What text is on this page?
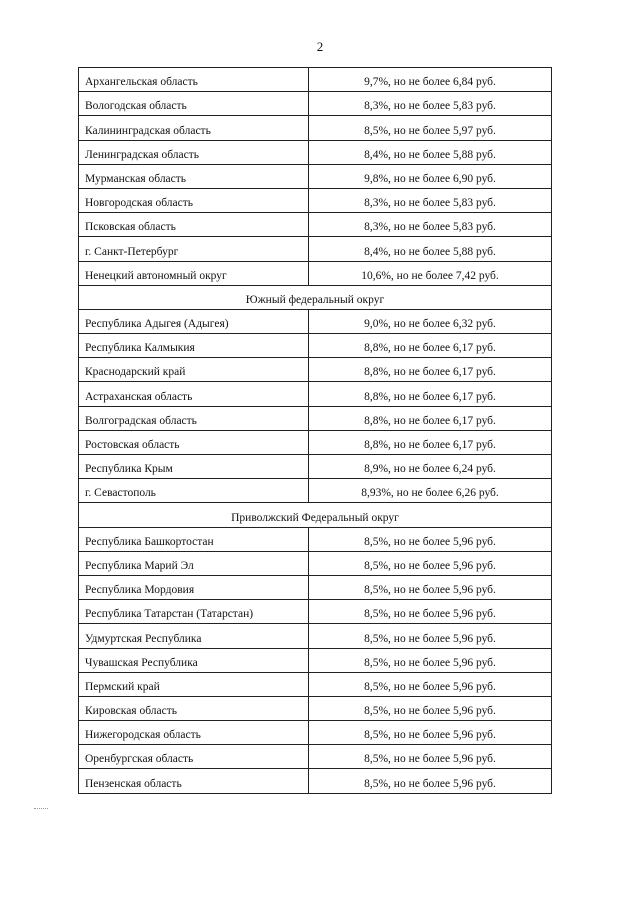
2
Архангельская область	9,7%, но не более 6,84 руб.
Вологодская область	8,3%, но не более 5,83 руб.
Калининградская область	8,5%, но не более 5,97 руб.
Ленинградская область	8,4%, но не более 5,88 руб.
Мурманская область	9,8%, но не более 6,90 руб.
Новгородская область	8,3%, но не более 5,83 руб.
Псковская область	8,3%, но не более 5,83 руб.
г. Санкт-Петербург	8,4%, но не более 5,88 руб.
Ненецкий автономный округ	10,6%, но не более 7,42 руб.
Южный федеральный округ	
Республика Адыгея (Адыгея)	9,0%, но не более 6,32 руб.
Республика Калмыкия	8,8%, но не более 6,17 руб.
Краснодарский край	8,8%, но не более 6,17 руб.
Астраханская область	8,8%, но не более 6,17 руб.
Волгоградская область	8,8%, но не более 6,17 руб.
Ростовская область	8,8%, но не более 6,17 руб.
Республика Крым	8,9%, но не более 6,24 руб.
г. Севастополь	8,93%, но не более 6,26 руб.
Приволжский Федеральный округ	
Республика Башкортостан	8,5%, но не более 5,96 руб.
Республика Марий Эл	8,5%, но не более 5,96 руб.
Республика Мордовия	8,5%, но не более 5,96 руб.
Республика Татарстан (Татарстан)	8,5%, но не более 5,96 руб.
Удмуртская Республика	8,5%, но не более 5,96 руб.
Чувашская Республика	8,5%, но не более 5,96 руб.
Пермский край	8,5%, но не более 5,96 руб.
Кировская область	8,5%, но не более 5,96 руб.
Нижегородская область	8,5%, но не более 5,96 руб.
Оренбургская область	8,5%, но не более 5,96 руб.
Пензенская область	8,5%, но не более 5,96 руб.
